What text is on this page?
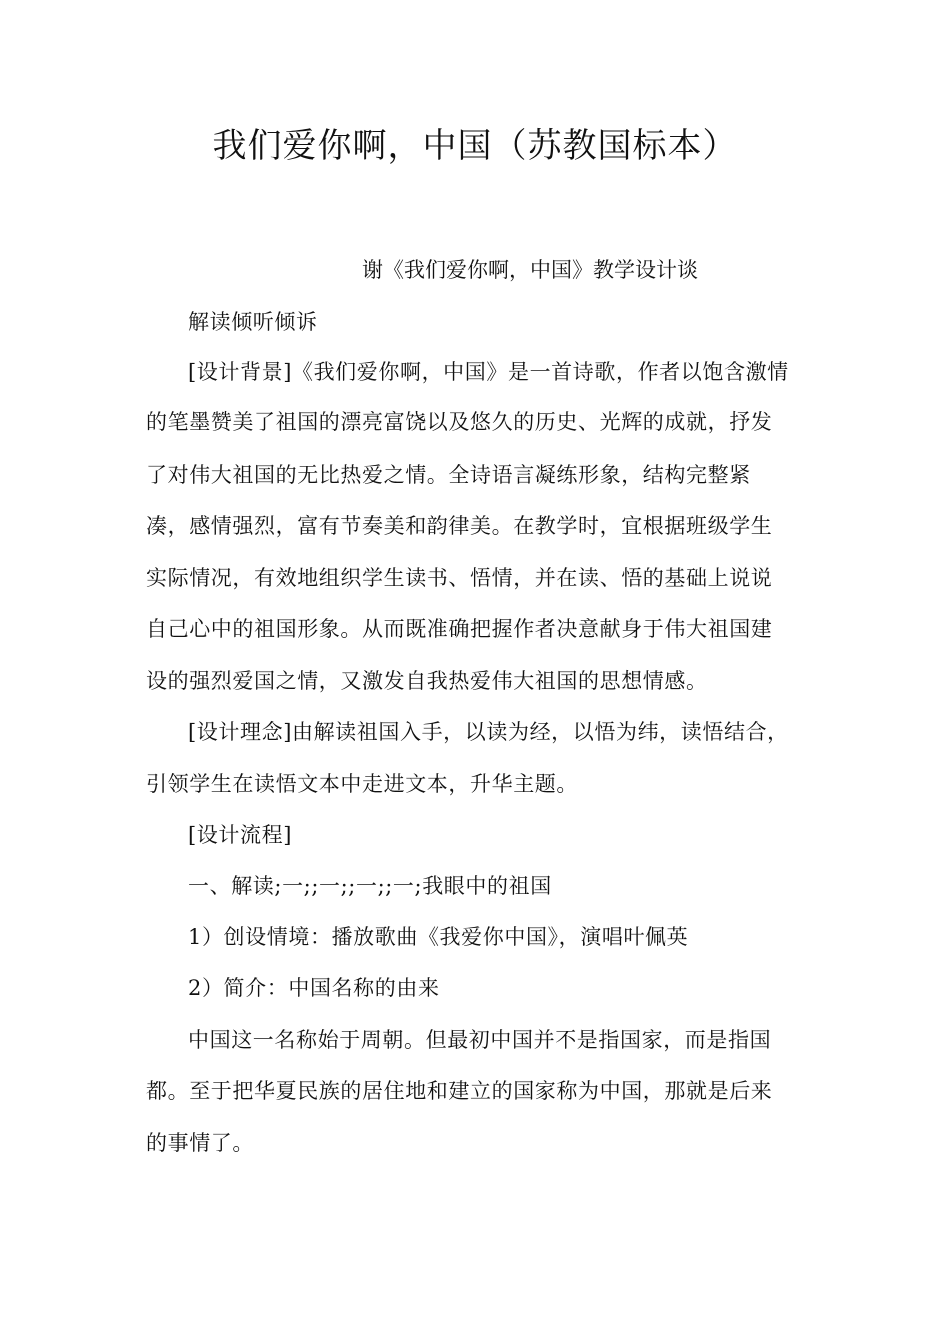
我们爱你啊，中国（苏教国标本）
谢《我们爱你啊，中国》教学设计谈
解读倾听倾诉
[设计背景]《我们爱你啊，中国》是一首诗歌，作者以饱含激情
的笔墨赞美了祖国的漂亮富饶以及悠久的历史、光辉的成就，抒发
了对伟大祖国的无比热爱之情。全诗语言凝练形象，结构完整紧
凑，感情强烈，富有节奏美和韵律美。在教学时，宜根据班级学生
实际情况，有效地组织学生读书、悟情，并在读、悟的基础上说说
自己心中的祖国形象。从而既准确把握作者决意献身于伟大祖国建
设的强烈爱国之情，又激发自我热爱伟大祖国的思想情感。
[设计理念]由解读祖国入手，以读为经，以悟为纬，读悟结合，
引领学生在读悟文本中走进文本，升华主题。
[设计流程]
一、解读;一;;一;;一;;一;我眼中的祖国
1）创设情境：播放歌曲《我爱你中国》，演唱叶佩英
2）简介：中国名称的由来
中国这一名称始于周朝。但最初中国并不是指国家，而是指国
都。至于把华夏民族的居住地和建立的国家称为中国，那就是后来
的事情了。
